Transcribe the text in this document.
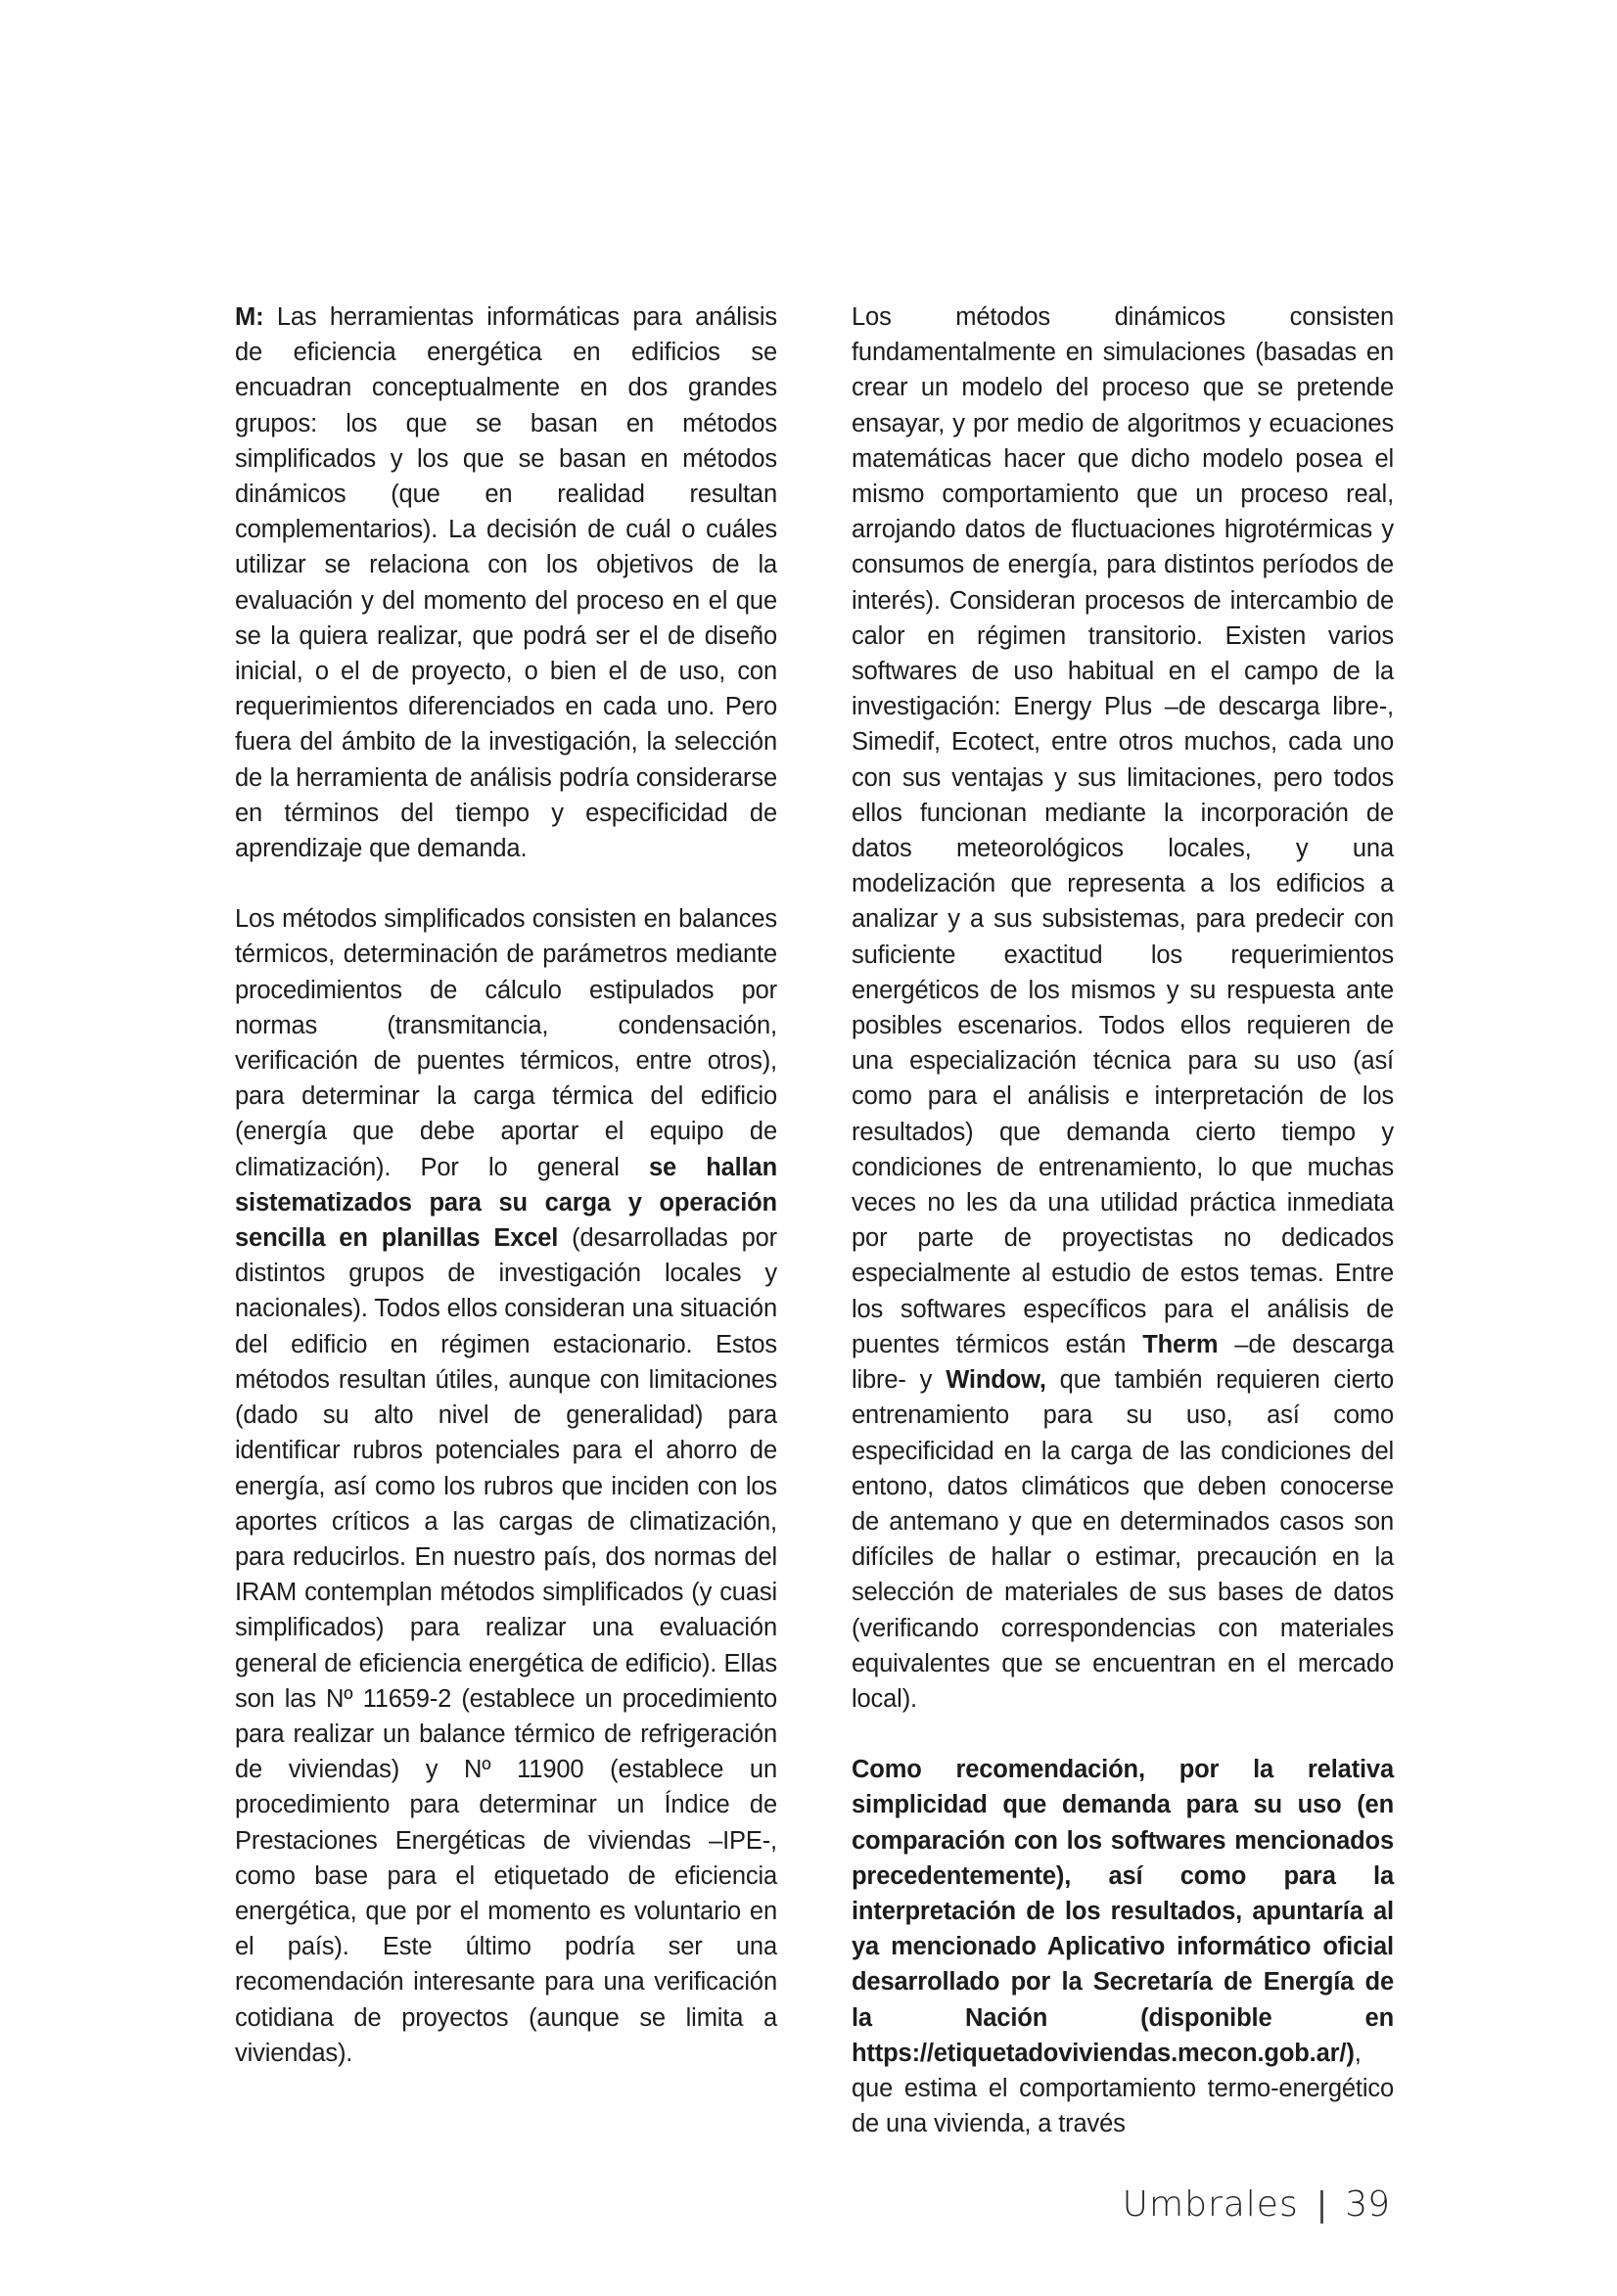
M: Las herramientas informáticas para análisis de eficiencia energética en edificios se encuadran conceptualmente en dos grandes grupos: los que se basan en métodos simplificados y los que se basan en métodos dinámicos (que en realidad resultan complementarios). La decisión de cuál o cuáles utilizar se relaciona con los objetivos de la evaluación y del momento del proceso en el que se la quiera realizar, que podrá ser el de diseño inicial, o el de proyecto, o bien el de uso, con requerimientos diferenciados en cada uno. Pero fuera del ámbito de la investigación, la selección de la herramienta de análisis podría considerarse en términos del tiempo y especificidad de aprendizaje que demanda.

Los métodos simplificados consisten en balances térmicos, determinación de parámetros mediante procedimientos de cálculo estipulados por normas (transmitancia, condensación, verificación de puentes térmicos, entre otros), para determinar la carga térmica del edificio (energía que debe aportar el equipo de climatización). Por lo general se hallan sistematizados para su carga y operación sencilla en planillas Excel (desarrolladas por distintos grupos de investigación locales y nacionales). Todos ellos consideran una situación del edificio en régimen estacionario. Estos métodos resultan útiles, aunque con limitaciones (dado su alto nivel de generalidad) para identificar rubros potenciales para el ahorro de energía, así como los rubros que inciden con los aportes críticos a las cargas de climatización, para reducirlos. En nuestro país, dos normas del IRAM contemplan métodos simplificados (y cuasi simplificados) para realizar una evaluación general de eficiencia energética de edificio). Ellas son las Nº 11659-2 (establece un procedimiento para realizar un balance térmico de refrigeración de viviendas) y Nº 11900 (establece un procedimiento para determinar un Índice de Prestaciones Energéticas de viviendas –IPE-, como base para el etiquetado de eficiencia energética, que por el momento es voluntario en el país). Este último podría ser una recomendación interesante para una verificación cotidiana de proyectos (aunque se limita a viviendas).

Los métodos dinámicos consisten fundamentalmente en simulaciones (basadas en crear un modelo del proceso que se pretende ensayar, y por medio de algoritmos y ecuaciones matemáticas hacer que dicho modelo posea el mismo comportamiento que un proceso real, arrojando datos de fluctuaciones higrotérmicas y consumos de energía, para distintos períodos de interés). Consideran procesos de intercambio de calor en régimen transitorio. Existen varios softwares de uso habitual en el campo de la investigación: Energy Plus –de descarga libre-, Simedif, Ecotect, entre otros muchos, cada uno con sus ventajas y sus limitaciones, pero todos ellos funcionan mediante la incorporación de datos meteorológicos locales, y una modelización que representa a los edificios a analizar y a sus subsistemas, para predecir con suficiente exactitud los requerimientos energéticos de los mismos y su respuesta ante posibles escenarios. Todos ellos requieren de una especialización técnica para su uso (así como para el análisis e interpretación de los resultados) que demanda cierto tiempo y condiciones de entrenamiento, lo que muchas veces no les da una utilidad práctica inmediata por parte de proyectistas no dedicados especialmente al estudio de estos temas. Entre los softwares específicos para el análisis de puentes térmicos están Therm –de descarga libre- y Window, que también requieren cierto entrenamiento para su uso, así como especificidad en la carga de las condiciones del entono, datos climáticos que deben conocerse de antemano y que en determinados casos son difíciles de hallar o estimar, precaución en la selección de materiales de sus bases de datos (verificando correspondencias con materiales equivalentes que se encuentran en el mercado local).

Como recomendación, por la relativa simplicidad que demanda para su uso (en comparación con los softwares mencionados precedentemente), así como para la interpretación de los resultados, apuntaría al ya mencionado Aplicativo informático oficial desarrollado por la Secretaría de Energía de la Nación (disponible en https://etiquetadoviviendas.mecon.gob.ar/), que estima el comportamiento termo-energético de una vivienda, a través

Umbrales | 39
